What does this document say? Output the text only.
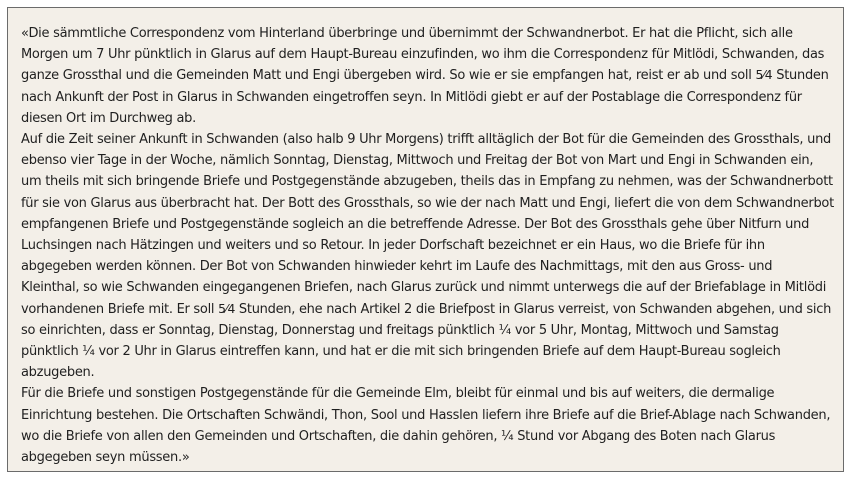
«Die sämmtliche Correspondenz vom Hinterland überbringe und übernimmt der Schwandnerbot. Er hat die Pflicht, sich alle Morgen um 7 Uhr pünktlich in Glarus auf dem Haupt-Bureau einzufinden, wo ihm die Correspondenz für Mitlödi, Schwanden, das ganze Grossthal und die Gemeinden Matt und Engi übergeben wird. So wie er sie empfangen hat, reist er ab und soll 5⁄4 Stunden nach Ankunft der Post in Glarus in Schwanden eingetroffen seyn. In Mitlödi giebt er auf der Postablage die Correspondenz für diesen Ort im Durchweg ab.

Auf die Zeit seiner Ankunft in Schwanden (also halb 9 Uhr Morgens) trifft alltäglich der Bot für die Gemeinden des Grossthals, und ebenso vier Tage in der Woche, nämlich Sonntag, Dienstag, Mittwoch und Freitag der Bot von Mart und Engi in Schwanden ein, um theils mit sich bringende Briefe und Postgegenstände abzugeben, theils das in Empfang zu nehmen, was der Schwandnerbott für sie von Glarus aus überbracht hat. Der Bott des Grossthals, so wie der nach Matt und Engi, liefert die von dem Schwandnerbot empfangenen Briefe und Postgegenstände sogleich an die betreffende Adresse. Der Bot des Grossthals gehe über Nitfurn und Luchsingen nach Hätzingen und weiters und so Retour. In jeder Dorfschaft bezeichnet er ein Haus, wo die Briefe für ihn abgegeben werden können. Der Bot von Schwanden hinwieder kehrt im Laufe des Nachmittags, mit den aus Gross- und Kleinthal, so wie Schwanden eingegangenen Briefen, nach Glarus zurück und nimmt unterwegs die auf der Briefablage in Mitlödi vorhandenen Briefe mit. Er soll 5⁄4 Stunden, ehe nach Artikel 2 die Briefpost in Glarus verreist, von Schwanden abgehen, und sich so einrichten, dass er Sonntag, Dienstag, Donnerstag und freitags pünktlich ¼ vor 5 Uhr, Montag, Mittwoch und Samstag pünktlich ¼ vor 2 Uhr in Glarus eintreffen kann, und hat er die mit sich bringenden Briefe auf dem Haupt-Bureau sogleich abzugeben.

Für die Briefe und sonstigen Postgegenstände für die Gemeinde Elm, bleibt für einmal und bis auf weiters, die dermalige Einrichtung bestehen. Die Ortschaften Schwändi, Thon, Sool und Hasslen liefern ihre Briefe auf die Brief-Ablage nach Schwanden, wo die Briefe von allen den Gemeinden und Ortschaften, die dahin gehören, ¼ Stund vor Abgang des Boten nach Glarus abgegeben seyn müssen.»
